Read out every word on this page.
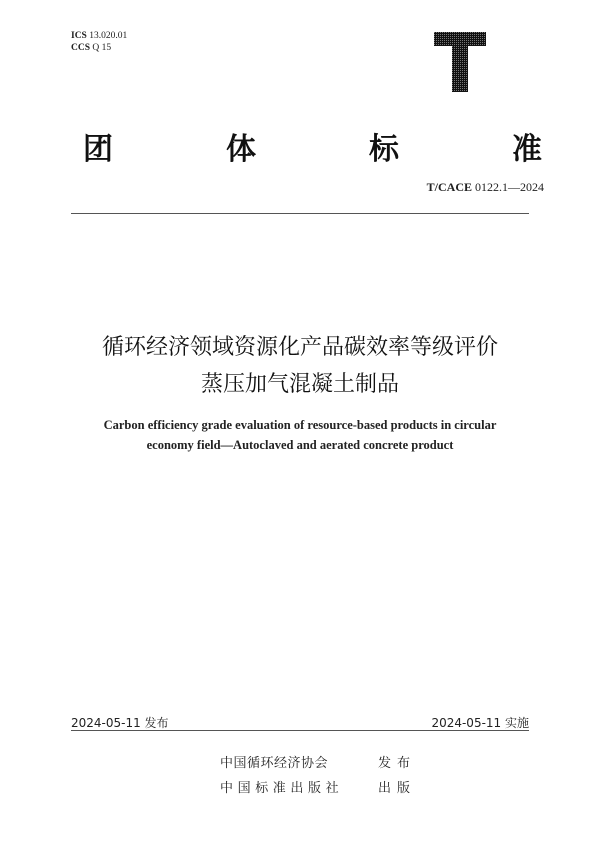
ICS 13.020.01
CCS Q 15
团	体	标	准
T/CACE 0122.1—2024
循环经济领域资源化产品碳效率等级评价
蒸压加气混凝土制品
Carbon efficiency grade evaluation of resource-based products in circular
economy field—Autoclaved and aerated concrete product
2024-05-11 发布	2024-05-11 实施
中国循环经济协会	发布
中国标准出版社	出版
